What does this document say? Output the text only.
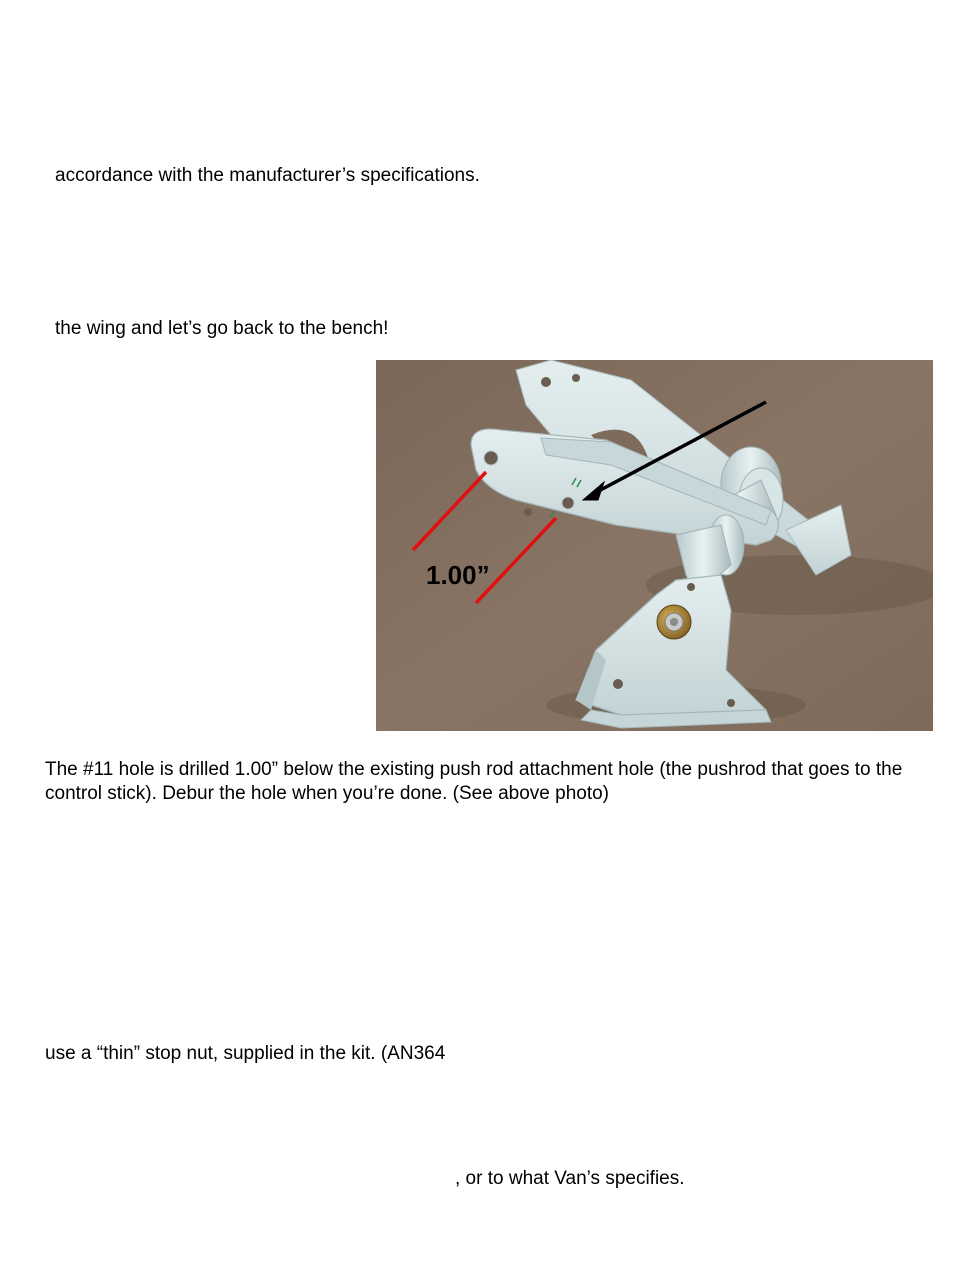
accordance with the manufacturer’s specifications.
the wing and let’s go back to the bench!
1.00”
The #11 hole is drilled 1.00” below the existing push rod attachment hole (the pushrod that goes to the control stick). Debur the hole when you’re done. (See above photo)
use a “thin” stop nut, supplied in the kit. (AN364
, or to what Van’s specifies.
